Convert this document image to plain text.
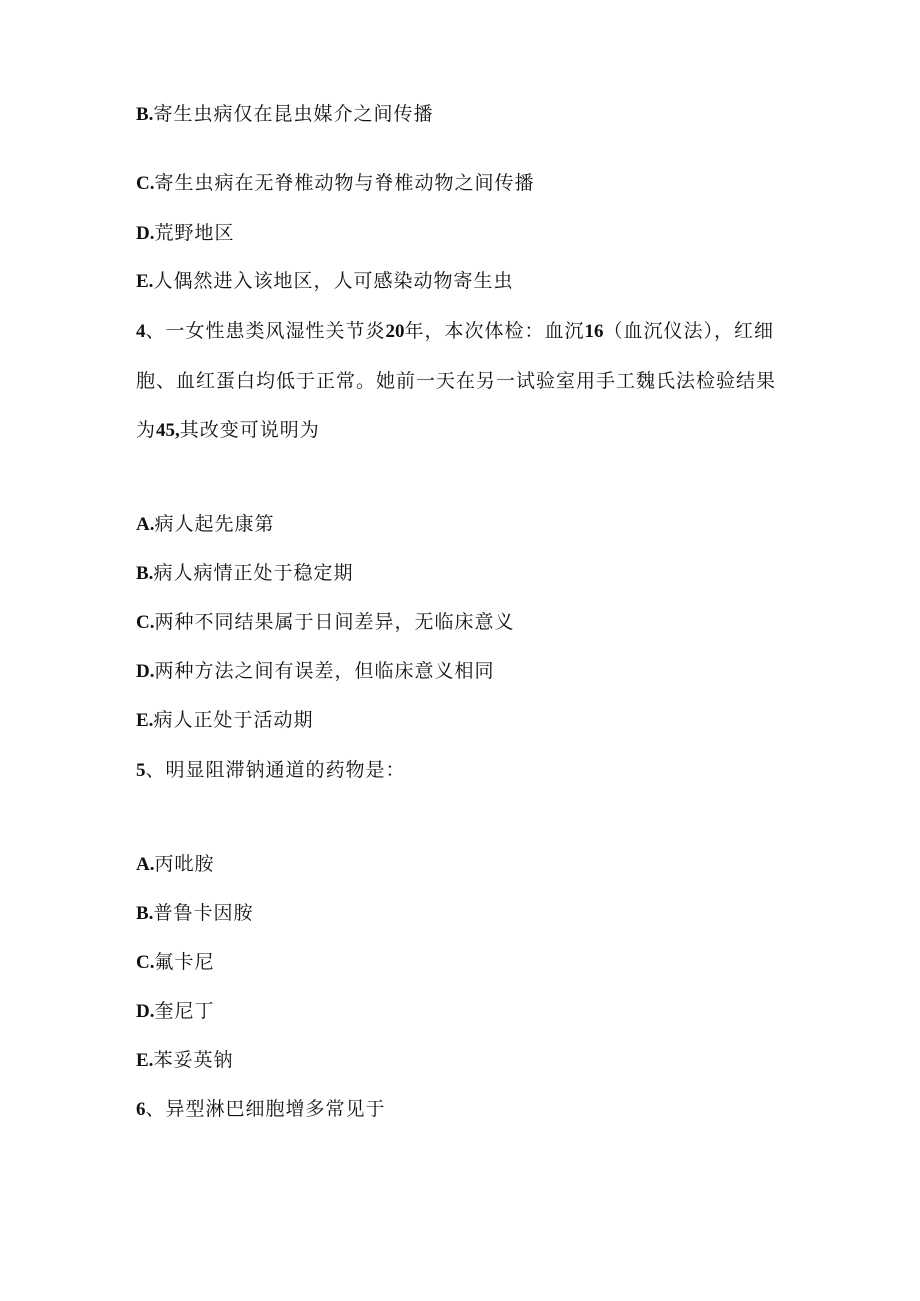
B.寄生虫病仅在昆虫媒介之间传播
C.寄生虫病在无脊椎动物与脊椎动物之间传播
D.荒野地区
E.人偶然进入该地区，人可感染动物寄生虫
4、一女性患类风湿性关节炎20年，本次体检：血沉16（血沉仪法），红细
胞、血红蛋白均低于正常。她前一天在另一试验室用手工魏氏法检验结果
为45,其改变可说明为
A.病人起先康第
B.病人病情正处于稳定期
C.两种不同结果属于日间差异，无临床意义
D.两种方法之间有误差，但临床意义相同
E.病人正处于活动期
5、明显阻滞钠通道的药物是：
A.丙吡胺
B.普鲁卡因胺
C.氟卡尼
D.奎尼丁
E.苯妥英钠
6、异型淋巴细胞增多常见于
